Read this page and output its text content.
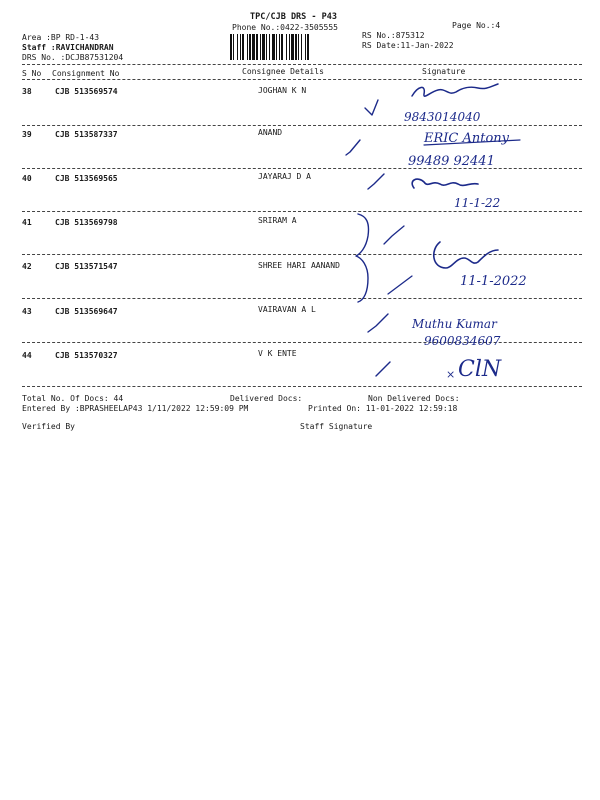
TPC/CJB DRS - P43
Phone No.:0422-3505555	Page No.:4
Area :BP RD-1-43
Staff :RAVICHANDRAN
DRS No. :DCJB87531204
RS No.:875312
RS Date:11-Jan-2022
S No Consignment No	Consignee Details	Signature
38	CJB 513569574	JOGHAN K N
39	CJB 513587337	ANAND
40	CJB 513569565	JAYARAJ D A
41	CJB 513569798	SRIRAM A
42	CJB 513571547	SHREE HARI AANAND
43	CJB 513569647	VAIRAVAN A L
44	CJB 513570327	V K ENTE
Total No. Of Docs: 44	Delivered Docs:	Non Delivered Docs:
Entered By :BPRASHEELAP43 1/11/2022 12:59:09 PM	Printed On: 11-01-2022 12:59:18
Verified By	Staff Signature
9843014040
ERIC Antony
99489 92441
11-1-22
11-1-2022
Muthu Kumar
9600834607
× ClN
